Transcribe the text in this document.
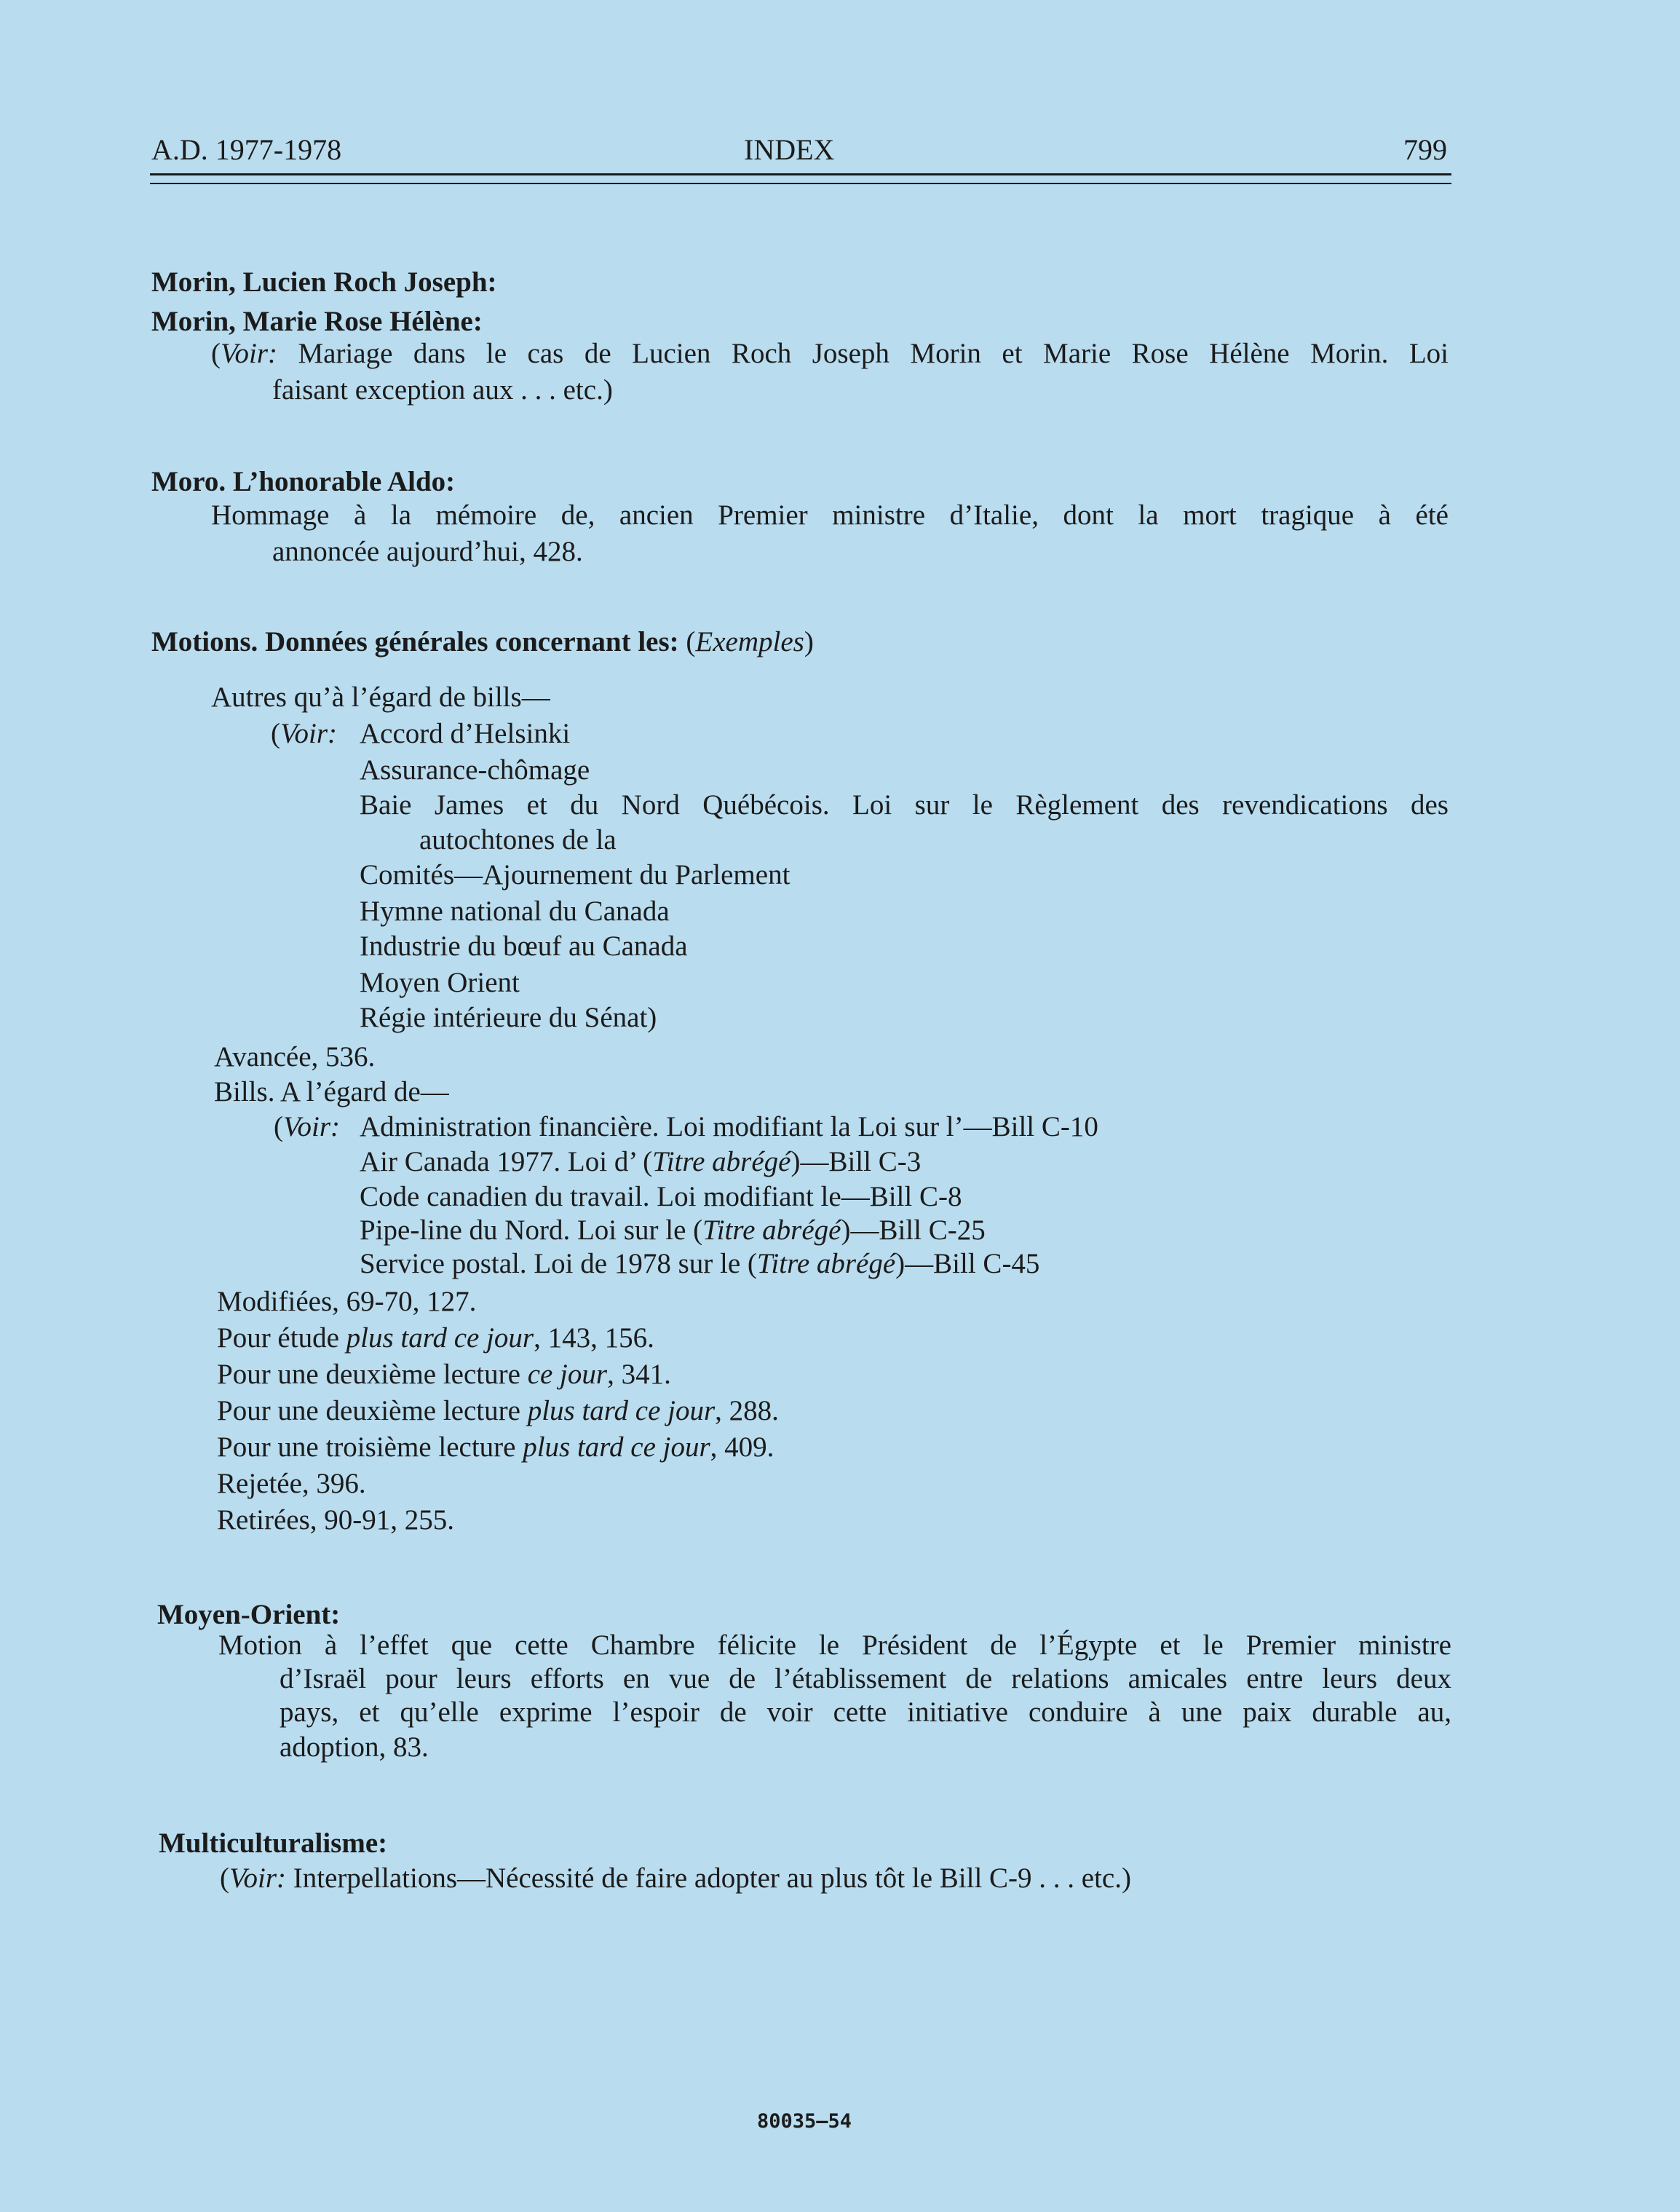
A.D. 1977-1978	INDEX	799
Morin, Lucien Roch Joseph:
Morin, Marie Rose Hélène:
(Voir: Mariage dans le cas de Lucien Roch Joseph Morin et Marie Rose Hélène Morin. Loi
faisant exception aux . . . etc.)
Moro. L’honorable Aldo:
Hommage à la mémoire de, ancien Premier ministre d’Italie, dont la mort tragique à été
annoncée aujourd’hui, 428.
Motions. Données générales concernant les: (Exemples)
Autres qu’à l’égard de bills—
(Voir: Accord d’Helsinki
Assurance-chômage
Baie James et du Nord Québécois. Loi sur le Règlement des revendications des
autochtones de la
Comités—Ajournement du Parlement
Hymne national du Canada
Industrie du bœuf au Canada
Moyen Orient
Régie intérieure du Sénat)
Avancée, 536.
Bills. A l’égard de—
(Voir: Administration financière. Loi modifiant la Loi sur l’—Bill C-10
Air Canada 1977. Loi d’ (Titre abrégé)—Bill C-3
Code canadien du travail. Loi modifiant le—Bill C-8
Pipe-line du Nord. Loi sur le (Titre abrégé)—Bill C-25
Service postal. Loi de 1978 sur le (Titre abrégé)—Bill C-45
Modifiées, 69-70, 127.
Pour étude plus tard ce jour, 143, 156.
Pour une deuxième lecture ce jour, 341.
Pour une deuxième lecture plus tard ce jour, 288.
Pour une troisième lecture plus tard ce jour, 409.
Rejetée, 396.
Retirées, 90-91, 255.
Moyen-Orient:
Motion à l’effet que cette Chambre félicite le Président de l’Égypte et le Premier ministre
d’Israël pour leurs efforts en vue de l’établissement de relations amicales entre leurs deux
pays, et qu’elle exprime l’espoir de voir cette initiative conduire à une paix durable au,
adoption, 83.
Multiculturalisme:
(Voir: Interpellations—Nécessité de faire adopter au plus tôt le Bill C-9 . . . etc.)
80035—54
